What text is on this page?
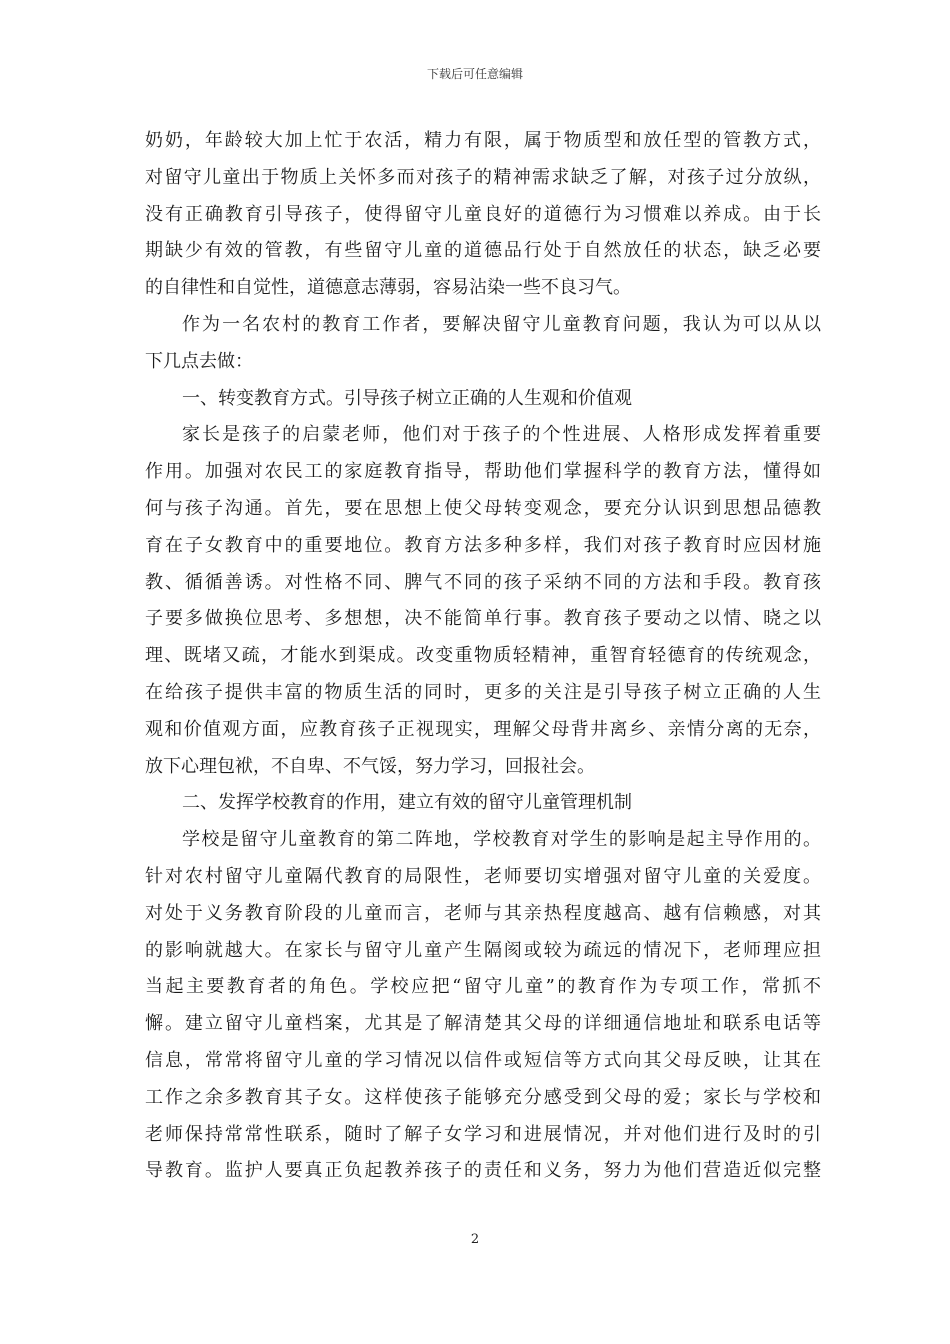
下载后可任意编辑
奶奶，年龄较大加上忙于农活，精力有限，属于物质型和放任型的管教方式，
对留守儿童出于物质上关怀多而对孩子的精神需求缺乏了解，对孩子过分放纵，
没有正确教育引导孩子，使得留守儿童良好的道德行为习惯难以养成。由于长
期缺少有效的管教，有些留守儿童的道德品行处于自然放任的状态，缺乏必要
的自律性和自觉性，道德意志薄弱，容易沾染一些不良习气。
作为一名农村的教育工作者，要解决留守儿童教育问题，我认为可以从以
下几点去做：
一、转变教育方式。引导孩子树立正确的人生观和价值观
家长是孩子的启蒙老师，他们对于孩子的个性进展、人格形成发挥着重要
作用。加强对农民工的家庭教育指导，帮助他们掌握科学的教育方法，懂得如
何与孩子沟通。首先，要在思想上使父母转变观念，要充分认识到思想品德教
育在子女教育中的重要地位。教育方法多种多样，我们对孩子教育时应因材施
教、循循善诱。对性格不同、脾气不同的孩子采纳不同的方法和手段。教育孩
子要多做换位思考、多想想，决不能简单行事。教育孩子要动之以情、晓之以
理、既堵又疏，才能水到渠成。改变重物质轻精神，重智育轻德育的传统观念，
在给孩子提供丰富的物质生活的同时，更多的关注是引导孩子树立正确的人生
观和价值观方面，应教育孩子正视现实，理解父母背井离乡、亲情分离的无奈，
放下心理包袱，不自卑、不气馁，努力学习，回报社会。
二、发挥学校教育的作用，建立有效的留守儿童管理机制
学校是留守儿童教育的第二阵地，学校教育对学生的影响是起主导作用的。
针对农村留守儿童隔代教育的局限性，老师要切实增强对留守儿童的关爱度。
对处于义务教育阶段的儿童而言，老师与其亲热程度越高、越有信赖感，对其
的影响就越大。在家长与留守儿童产生隔阂或较为疏远的情况下，老师理应担
当起主要教育者的角色。学校应把“留守儿童”的教育作为专项工作，常抓不
懈。建立留守儿童档案，尤其是了解清楚其父母的详细通信地址和联系电话等
信息，常常将留守儿童的学习情况以信件或短信等方式向其父母反映，让其在
工作之余多教育其子女。这样使孩子能够充分感受到父母的爱；家长与学校和
老师保持常常性联系，随时了解子女学习和进展情况，并对他们进行及时的引
导教育。监护人要真正负起教养孩子的责任和义务，努力为他们营造近似完整
2
